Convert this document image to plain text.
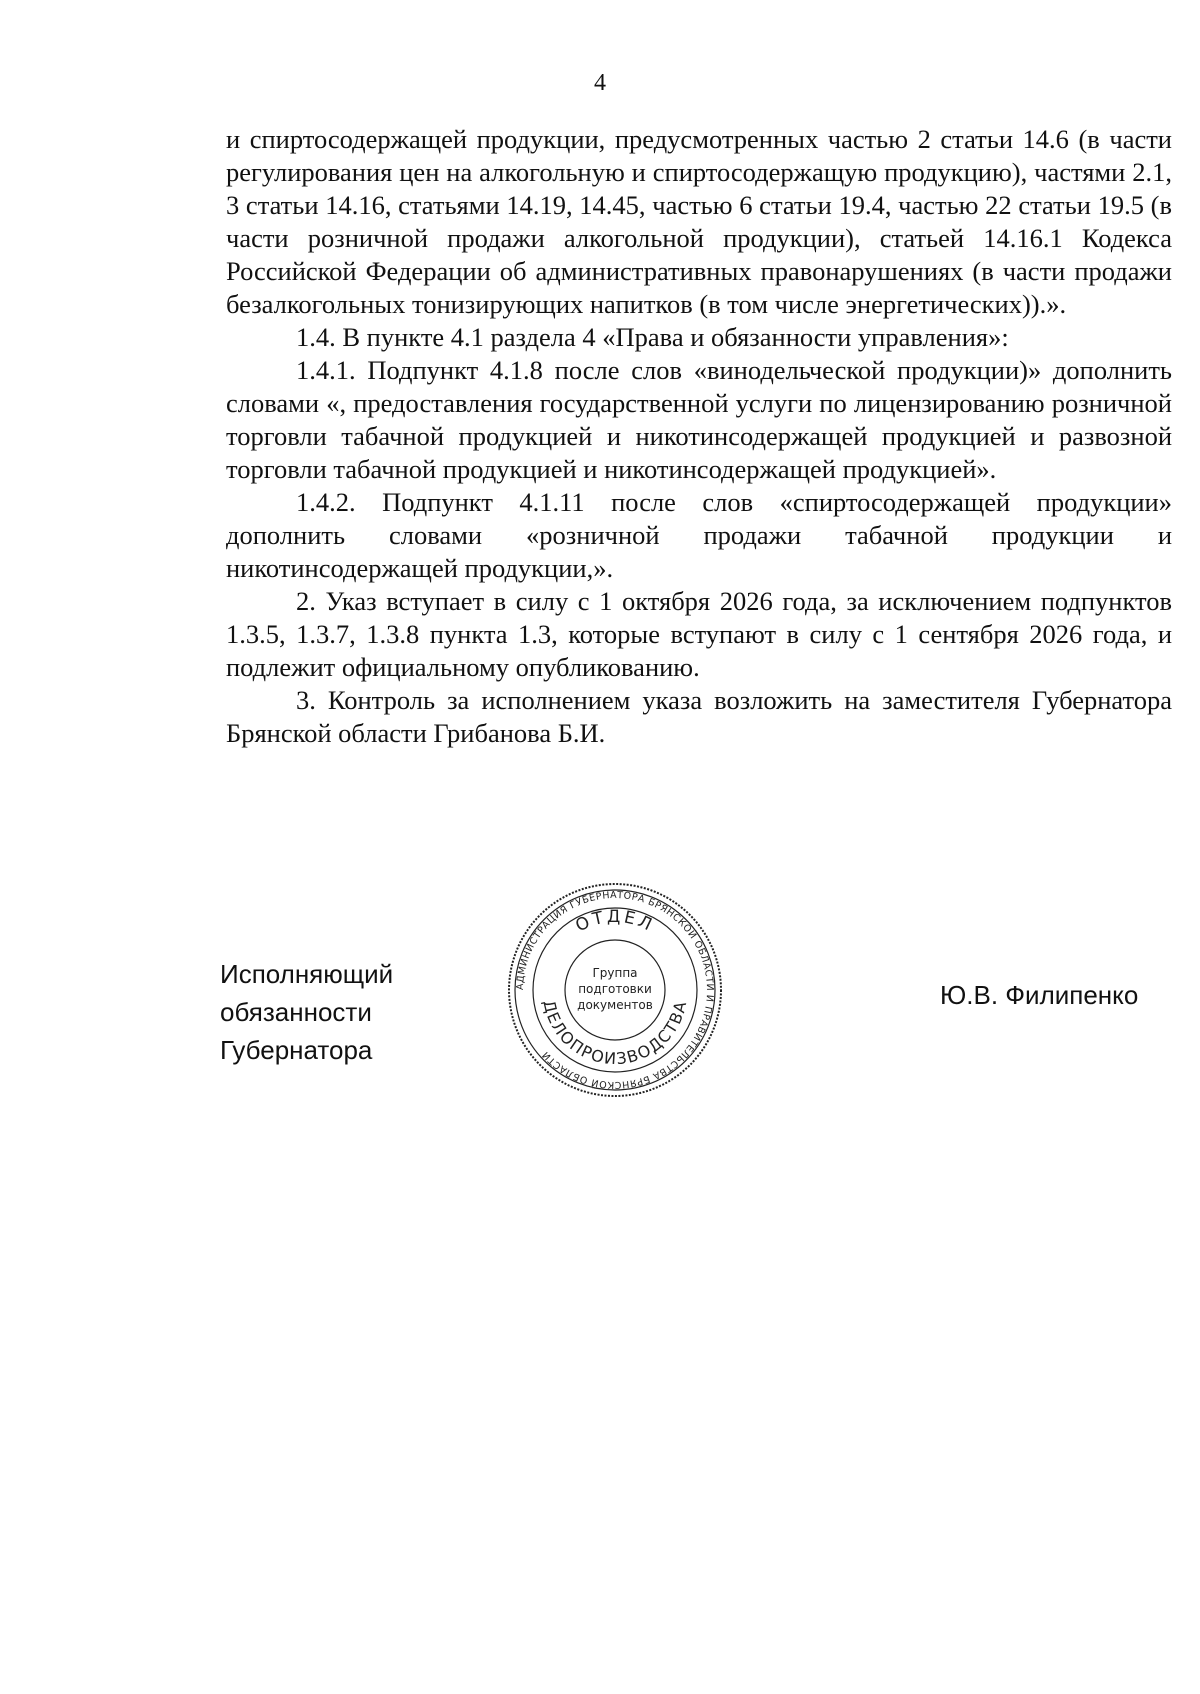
4

и спиртосодержащей продукции, предусмотренных частью 2 статьи 14.6 (в части регулирования цен на алкогольную и спиртосодержащую продукцию), частями 2.1, 3 статьи 14.16, статьями 14.19, 14.45, частью 6 статьи 19.4, частью 22 статьи 19.5 (в части розничной продажи алкогольной продукции), статьей 14.16.1 Кодекса Российской Федерации об административных правонарушениях (в части продажи безалкогольных тонизирующих напитков (в том числе энергетических)).».

1.4. В пункте 4.1 раздела 4 «Права и обязанности управления»:

1.4.1. Подпункт 4.1.8 после слов «винодельческой продукции)» дополнить словами «, предоставления государственной услуги по лицензированию розничной торговли табачной продукцией и никотинсодержащей продукцией и развозной торговли табачной продукцией и никотинсодержащей продукцией».

1.4.2. Подпункт 4.1.11 после слов «спиртосодержащей продукции» дополнить словами «розничной продажи табачной продукции и никотинсодержащей продукции,».

2. Указ вступает в силу с 1 октября 2026 года, за исключением подпунктов 1.3.5, 1.3.7, 1.3.8 пункта 1.3, которые вступают в силу с 1 сентября 2026 года, и подлежит официальному опубликованию.

3. Контроль за исполнением указа возложить на заместителя Губернатора Брянской области Грибанова Б.И.

Исполняющий обязанности
Губернатора
Ю.В. Филипенко
АДМИНИСТРАЦИЯ ГУБЕРНАТОРА БРЯНСКОЙ ОБЛАСТИ И ПРАВИТЕЛЬСТВА БРЯНСКОЙ ОБЛАСТИ
ОТДЕЛ
ДЕЛОПРОИЗВОДСТВА
Группа
подготовки
документов
